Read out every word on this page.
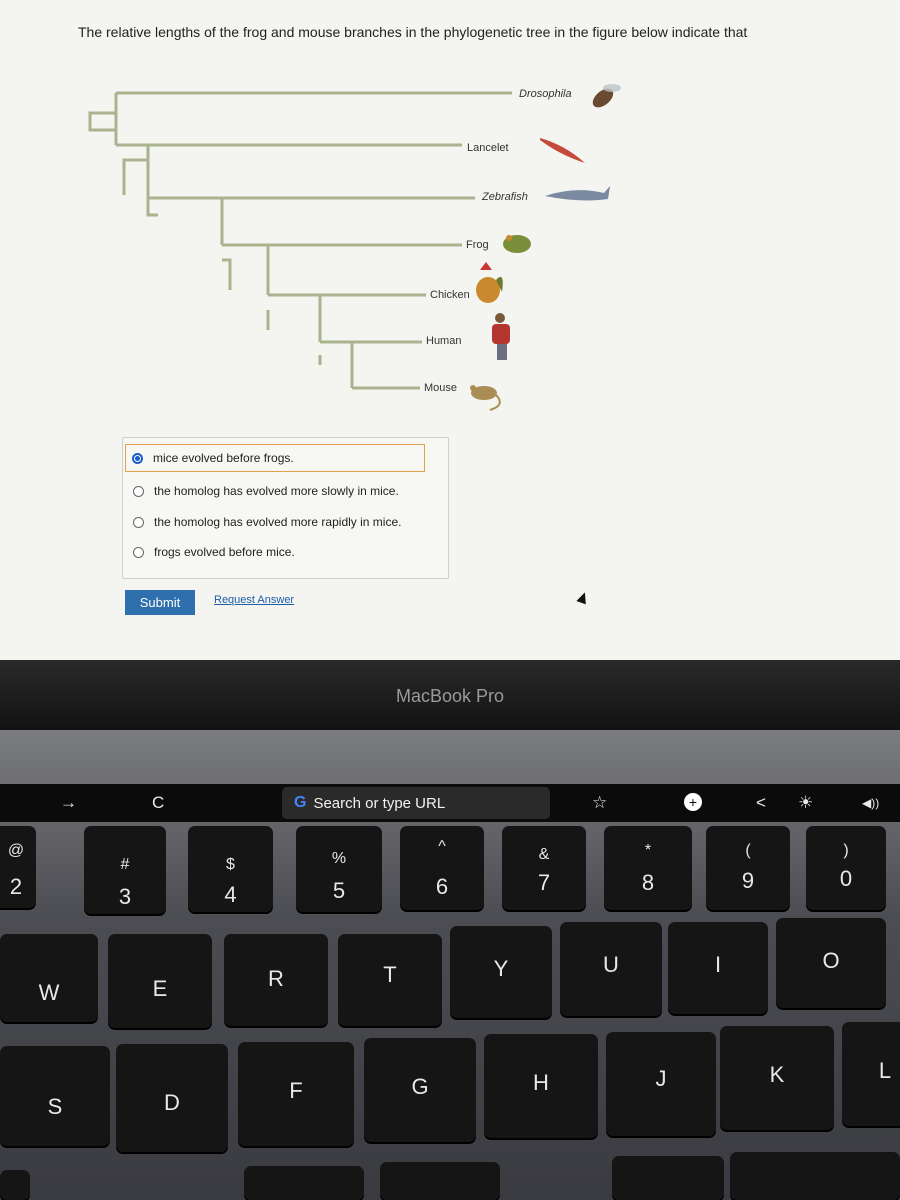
The relative lengths of the frog and mouse branches in the phylogenetic tree in the figure below indicate that
Drosophila
Lancelet
Zebrafish
Frog
Chicken
Human
Mouse
mice evolved before frogs.
the homolog has evolved more slowly in mice.
the homolog has evolved more rapidly in mice.
frogs evolved before mice.
Submit	Request Answer
MacBook Pro
→	C	☆	+	< ☀	◀))
G Search or type URL
@
2
#
3
$
4
%
5
^
6
&
7
*
8
(
9
)
0
W	E	R	T	Y	U	I	O
S	D	F	G	H	J	K	L
